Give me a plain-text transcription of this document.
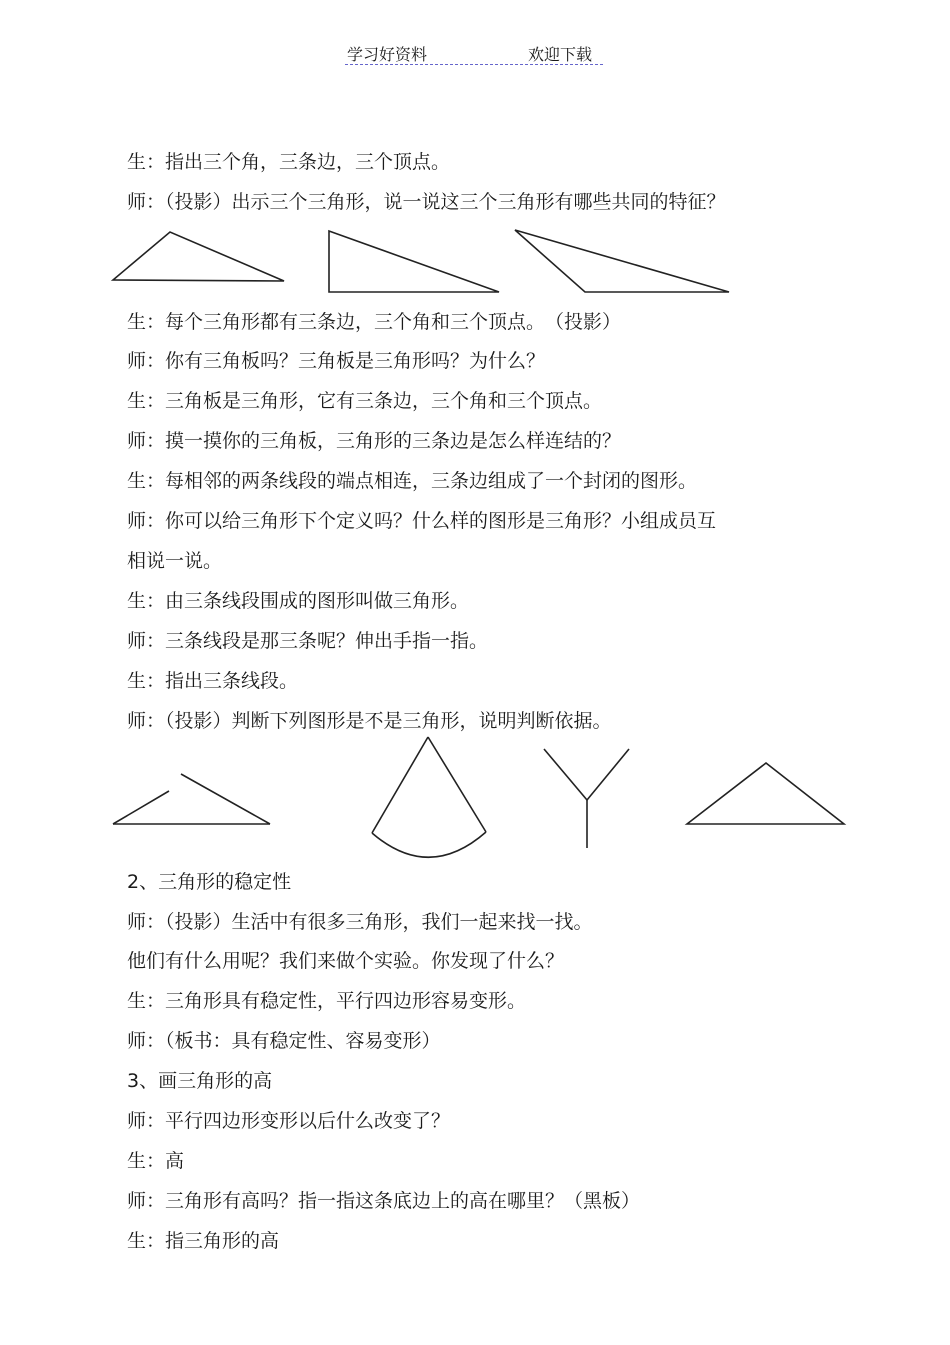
学习好资料	欢迎下载
生：指出三个角，三条边，三个顶点。
师：（投影）出示三个三角形，说一说这三个三角形有哪些共同的特征？
生：每个三角形都有三条边，三个角和三个顶点。　（投影）
师：你有三角板吗？三角板是三角形吗？为什么？
生：三角板是三角形，它有三条边，三个角和三个顶点。
师：摸一摸你的三角板，三角形的三条边是怎么样连结的？
生：每相邻的两条线段的端点相连，三条边组成了一个封闭的图形。
师：你可以给三角形下个定义吗？什么样的图形是三角形？小组成员互
相说一说。
生：由三条线段围成的图形叫做三角形。
师：三条线段是那三条呢？伸出手指一指。
生：指出三条线段。
师：（投影）判断下列图形是不是三角形，说明判断依据。
2、三角形的稳定性
师：（投影）生活中有很多三角形，我们一起来找一找。
他们有什么用呢？我们来做个实验。你发现了什么？
生：三角形具有稳定性，平行四边形容易变形。
师：（板书：具有稳定性、容易变形）
3、画三角形的高
师：平行四边形变形以后什么改变了？
生：高
师：三角形有高吗？指一指这条底边上的高在哪里？（黑板）
生：指三角形的高
